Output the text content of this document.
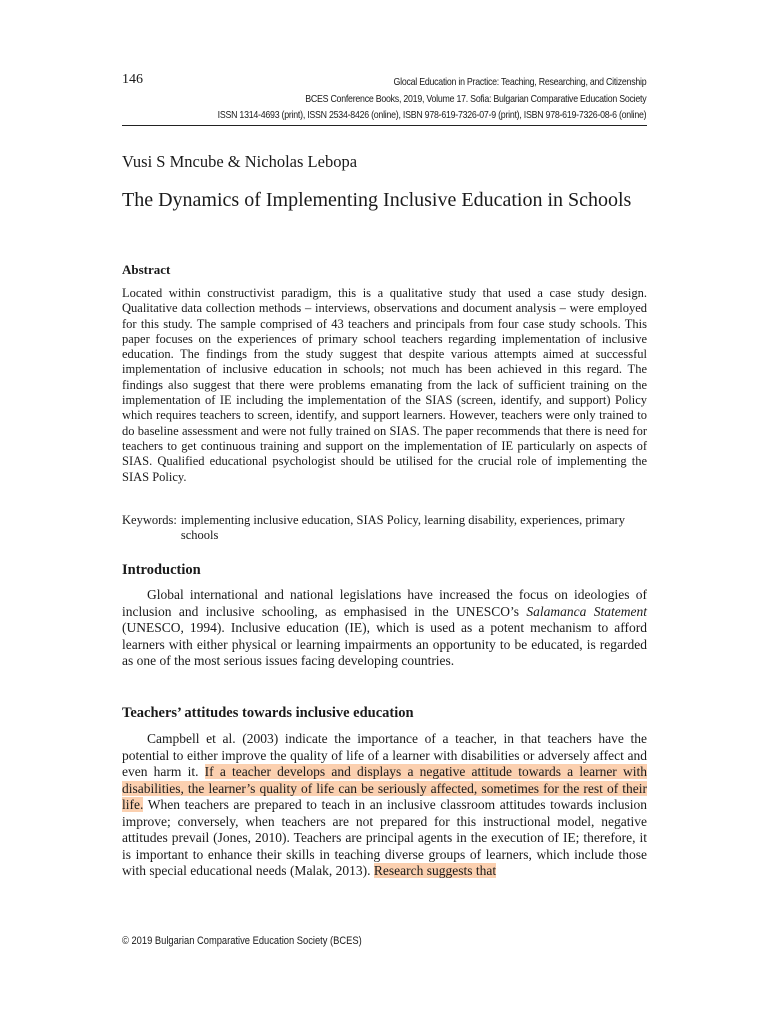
146	Glocal Education in Practice: Teaching, Researching, and Citizenship
BCES Conference Books, 2019, Volume 17. Sofia: Bulgarian Comparative Education Society
ISSN 1314-4693 (print), ISSN 2534-8426 (online), ISBN 978-619-7326-07-9 (print), ISBN 978-619-7326-08-6 (online)
Vusi S Mncube & Nicholas Lebopa
The Dynamics of Implementing Inclusive Education in Schools
Abstract

Located within constructivist paradigm, this is a qualitative study that used a case study design. Qualitative data collection methods – interviews, observations and document analysis – were employed for this study. The sample comprised of 43 teachers and principals from four case study schools. This paper focuses on the experiences of primary school teachers regarding implementation of inclusive education. The findings from the study suggest that despite various attempts aimed at successful implementation of inclusive education in schools; not much has been achieved in this regard. The findings also suggest that there were problems emanating from the lack of sufficient training on the implementation of IE including the implementation of the SIAS (screen, identify, and support) Policy which requires teachers to screen, identify, and support learners. However, teachers were only trained to do baseline assessment and were not fully trained on SIAS. The paper recommends that there is need for teachers to get continuous training and support on the implementation of IE particularly on aspects of SIAS. Qualified educational psychologist should be utilised for the crucial role of implementing the SIAS Policy.

Keywords: implementing inclusive education, SIAS Policy, learning disability, experiences, primary schools
Introduction

Global international and national legislations have increased the focus on ideologies of inclusion and inclusive schooling, as emphasised in the UNESCO’s Salamanca Statement (UNESCO, 1994). Inclusive education (IE), which is used as a potent mechanism to afford learners with either physical or learning impairments an opportunity to be educated, is regarded as one of the most serious issues facing developing countries.

Teachers’ attitudes towards inclusive education

Campbell et al. (2003) indicate the importance of a teacher, in that teachers have the potential to either improve the quality of life of a learner with disabilities or adversely affect and even harm it. If a teacher develops and displays a negative attitude towards a learner with disabilities, the learner’s quality of life can be seriously affected, sometimes for the rest of their life. When teachers are prepared to teach in an inclusive classroom attitudes towards inclusion improve; conversely, when teachers are not prepared for this instructional model, negative attitudes prevail (Jones, 2010). Teachers are principal agents in the execution of IE; therefore, it is important to enhance their skills in teaching diverse groups of learners, which include those with special educational needs (Malak, 2013). Research suggests that

© 2019 Bulgarian Comparative Education Society (BCES)
